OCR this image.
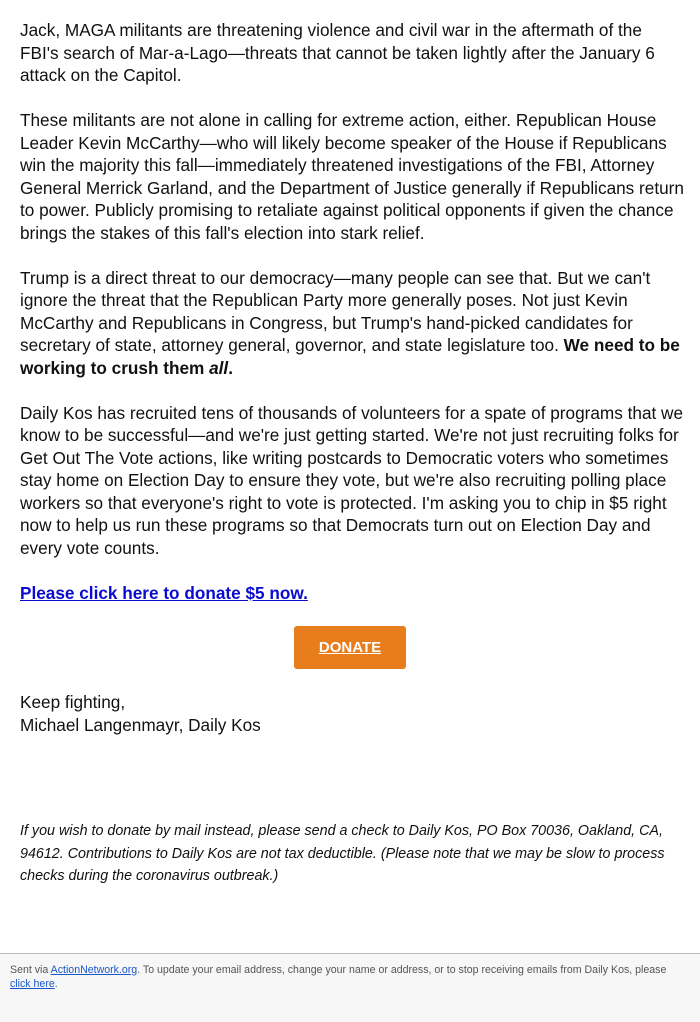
Jack, MAGA militants are threatening violence and civil war in the aftermath of the FBI's search of Mar-a-Lago—threats that cannot be taken lightly after the January 6 attack on the Capitol.

These militants are not alone in calling for extreme action, either. Republican House Leader Kevin McCarthy—who will likely become speaker of the House if Republicans win the majority this fall—immediately threatened investigations of the FBI, Attorney General Merrick Garland, and the Department of Justice generally if Republicans return to power. Publicly promising to retaliate against political opponents if given the chance brings the stakes of this fall's election into stark relief.

Trump is a direct threat to our democracy—many people can see that. But we can't ignore the threat that the Republican Party more generally poses. Not just Kevin McCarthy and Republicans in Congress, but Trump's hand-picked candidates for secretary of state, attorney general, governor, and state legislature too. We need to be working to crush them all.

Daily Kos has recruited tens of thousands of volunteers for a spate of programs that we know to be successful—and we're just getting started. We're not just recruiting folks for Get Out The Vote actions, like writing postcards to Democratic voters who sometimes stay home on Election Day to ensure they vote, but we're also recruiting polling place workers so that everyone's right to vote is protected. I'm asking you to chip in $5 right now to help us run these programs so that Democrats turn out on Election Day and every vote counts.

Please click here to donate $5 now.

DONATE

Keep fighting,
Michael Langenmayr, Daily Kos

If you wish to donate by mail instead, please send a check to Daily Kos, PO Box 70036, Oakland, CA, 94612. Contributions to Daily Kos are not tax deductible. (Please note that we may be slow to process checks during the coronavirus outbreak.)

Sent via ActionNetwork.org. To update your email address, change your name or address, or to stop receiving emails from Daily Kos, please click here.
